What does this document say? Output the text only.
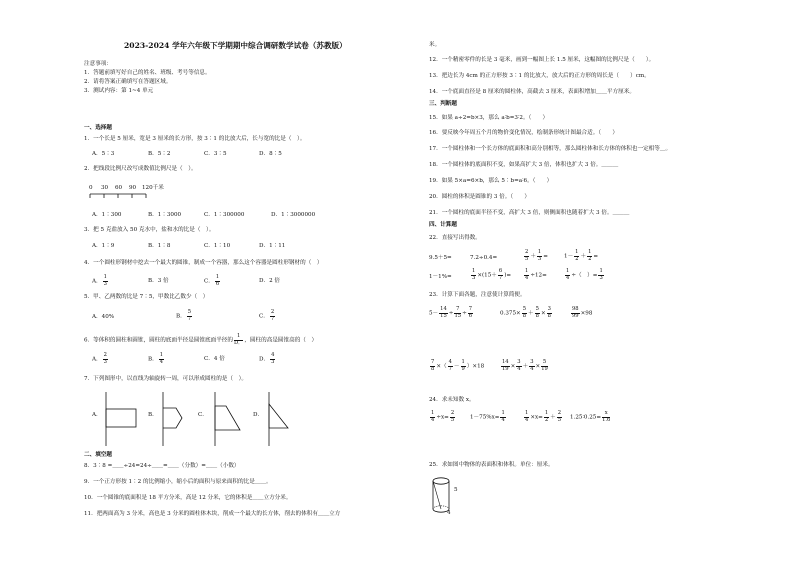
2023-2024 学年六年级下学期期中综合调研数学试卷（苏教版）
注意事项：
1．答题前填写好自己的姓名、班级、考号等信息。
2．请将答案正确填写在答题区域。
3．测试内容：第 1~4 单元
一、选择题
1．一个长是 5 厘米，宽是 3 厘米的长方形，按 3∶1 的比放大后，长与宽的比是（　）。
A．5∶3	B．5∶2	C．3∶5	D．8∶5
2．把线段比例尺改写成数值比例尺是（　）。
0 30 60 90 120千米
A．1∶300	B．1∶3000	C．1∶300000	D．1∶3000000
3．把 5 克盐放入 50 克水中，盐和水的比是（　）。
A．1∶9	B．1∶8	C．1∶10	D．1∶11
4．一个圆柱形钢材中挖去一个最大的圆锥，制成一个容器，那么这个容器是圆柱形钢材的（　）
A． $\frac{1}{3}$	B．3 倍	C． $\frac{1}{6}$	D．2 倍
5．甲、乙两数的比是 7∶5，甲数比乙数少（　）
A．40%	B． $\frac{5}{7}$	C． $\frac{2}{7}$
6．等体积的圆柱和圆锥，圆柱的底面半径是圆锥底面半径的 $\frac{1}{D.}$ ，圆柱的高是圆锥高的（　）
A． $\frac{2}{3}$	B． $\frac{1}{4}$	C．4 倍	D． $\frac{4}{3}$
7．下列图形中，以直线为轴旋转一周，可以形成圆柱的是（　）。
A．	B．	C．	D．
二、填空题
8．3∶8 =＿＿÷24=24÷＿＿=＿＿（分数）=＿＿（小数）
9．一个正方形按 1∶2 的比例缩小，缩小后的面积与原来面积的比是＿＿。
10．一个圆锥的底面积是 18 平方分米，高是 12 分米，它的体积是＿＿立方分米。
11．把两面高为 3 分米，高也是 3 分米的圆柱体木块，削成一个最大的长方体，削去的体积有＿＿立方
米。
12．一个精密零件的长是 3 毫米，画到一幅图上长 1.5 厘米，这幅图的比例尺是（　　）。
13．把边长为 4cm 的正方形按 3∶1 的比放大，放大后的正方形的周长是（　　）cm。
14．一个底面直径是 8 厘米的圆柱体，高截去 3 厘米，表面积增加＿＿平方厘米。
三、判断题
15．如果 a÷2=b×3，那么 a∶b=3∶2。（　　）
16．要反映今年周五个月的物价变化情况，绘制条形统计图最合适。（　　）
17．一个圆柱体和一个长方体的底面积和高分别相等，那么圆柱体和长方体的体积也一定相等＿。
18．一个圆柱体的底面积不变，如果高扩大 3 倍，体积也扩大 3 倍。＿＿＿
19．如果 5×a=6×b，那么 5∶b=a∶6。（　　）
20．圆柱的体积是圆锥的 3 倍。（　　）
21．一个圆柱的底面半径不变，高扩大 3 倍，则侧面积也随着扩大 3 倍。＿＿＿
四、计算题
22．直接写出得数。
9.5＋5=	7.2÷0.4=	$\frac{2}{5} + \frac{1}{3}$ =	$1- \frac{1}{2} + \frac{1}{2}$ =
1－1%=	$\frac{1}{3} \times(15+ \frac{6}{7}$ )= $\frac{1}{4} \div 12=$	$\frac{1}{4}$ ÷（　）= $\frac{1}{3}$
23．计算下面各题，注意使计算简便。
$5- \frac{14}{15} \div \frac{7}{15} \div \frac{7}{6}$	$0.375\times \frac{5}{8} + \frac{5}{8} \times \frac{3}{8}$	$\frac{98}{99} \times 98$
$\frac{7}{8}$ ×（ $\frac{4}{7} - \frac{1}{9} )\times 18$	$\frac{14}{19} \times \frac{3}{4} + \frac{3}{4} \times \frac{5}{19}$
24．求未知数 x。
$\frac{1}{4} \div x= \frac{2}{5}$	$1-75\%x= \frac{1}{4}$	$\frac{1}{4} \times x= \frac{1}{2} + \frac{2}{5}$ 1.25∶0.25= $\frac{x}{1.6}$
25．求如图中物体的表面积和体积。单位：厘米。
5
4
